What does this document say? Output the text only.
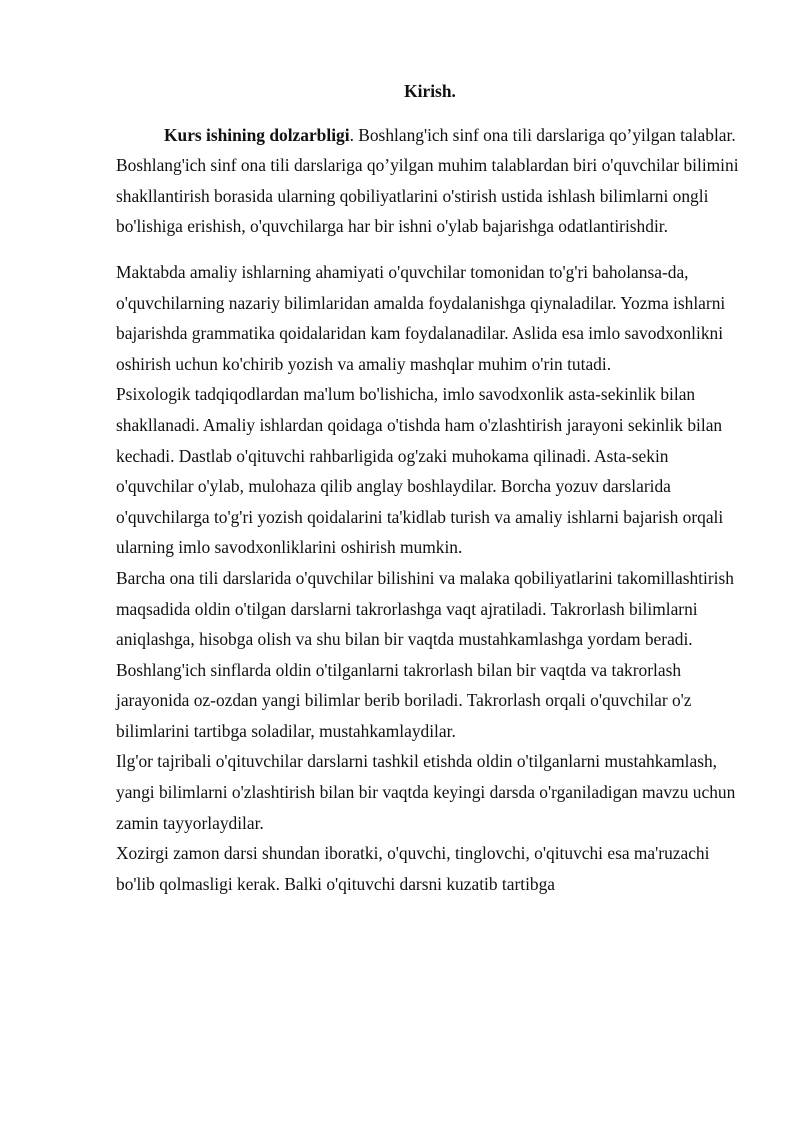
Kirish.

Kurs ishining dolzarbligi. Boshlang'ich sinf ona tili darslariga qo’yilgan talablar. Boshlang'ich sinf ona tili darslariga qo’yilgan muhim talablardan biri o'quvchilar bilimini shakllantirish borasida ularning qobiliyatlarini o'stirish ustida ishlash bilimlarni ongli bo'lishiga erishish, o'quvchilarga har bir ishni o'ylab bajarishga odatlantirishdir.

Maktabda amaliy ishlarning ahamiyati o'quvchilar tomonidan to'g'ri baholansa-da, o'quvchilarning nazariy bilimlaridan amalda foydalanishga qiynaladilar. Yozma ishlarni bajarishda grammatika qoidalaridan kam foydalanadilar. Aslida esa imlo savodxonlikni oshirish uchun ko'chirib yozish va amaliy mashqlar muhim o'rin tutadi.

Psixologik tadqiqodlardan ma'lum bo'lishicha, imlo savodxonlik asta-sekinlik bilan shakllanadi. Amaliy ishlardan qoidaga o'tishda ham o'zlashtirish jarayoni sekinlik bilan kechadi. Dastlab o'qituvchi rahbarligida og'zaki muhokama qilinadi. Asta-sekin o'quvchilar o'ylab, mulohaza qilib anglay boshlaydilar. Borcha yozuv darslarida o'quvchilarga to'g'ri yozish qoidalarini ta'kidlab turish va amaliy ishlarni bajarish orqali ularning imlo savodxonliklarini oshirish mumkin.

Barcha ona tili darslarida o'quvchilar bilishini va malaka qobiliyatlarini takomillashtirish maqsadida oldin o'tilgan darslarni takrorlashga vaqt ajratiladi. Takrorlash bilimlarni aniqlashga, hisobga olish va shu bilan bir vaqtda mustahkamlashga yordam beradi. Boshlang'ich sinflarda oldin o'tilganlarni takrorlash bilan bir vaqtda va takrorlash jarayonida oz-ozdan yangi bilimlar berib boriladi. Takrorlash orqali o'quvchilar o'z bilimlarini tartibga soladilar, mustahkamlaydilar.

Ilg'or tajribali o'qituvchilar darslarni tashkil etishda oldin o'tilganlarni mustahkamlash, yangi bilimlarni o'zlashtirish bilan bir vaqtda keyingi darsda o'rganiladigan mavzu uchun zamin tayyorlaydilar.

Xozirgi zamon darsi shundan iboratki, o'quvchi, tinglovchi, o'qituvchi esa ma'ruzachi bo'lib qolmasligi kerak. Balki o'qituvchi darsni kuzatib tartibga
